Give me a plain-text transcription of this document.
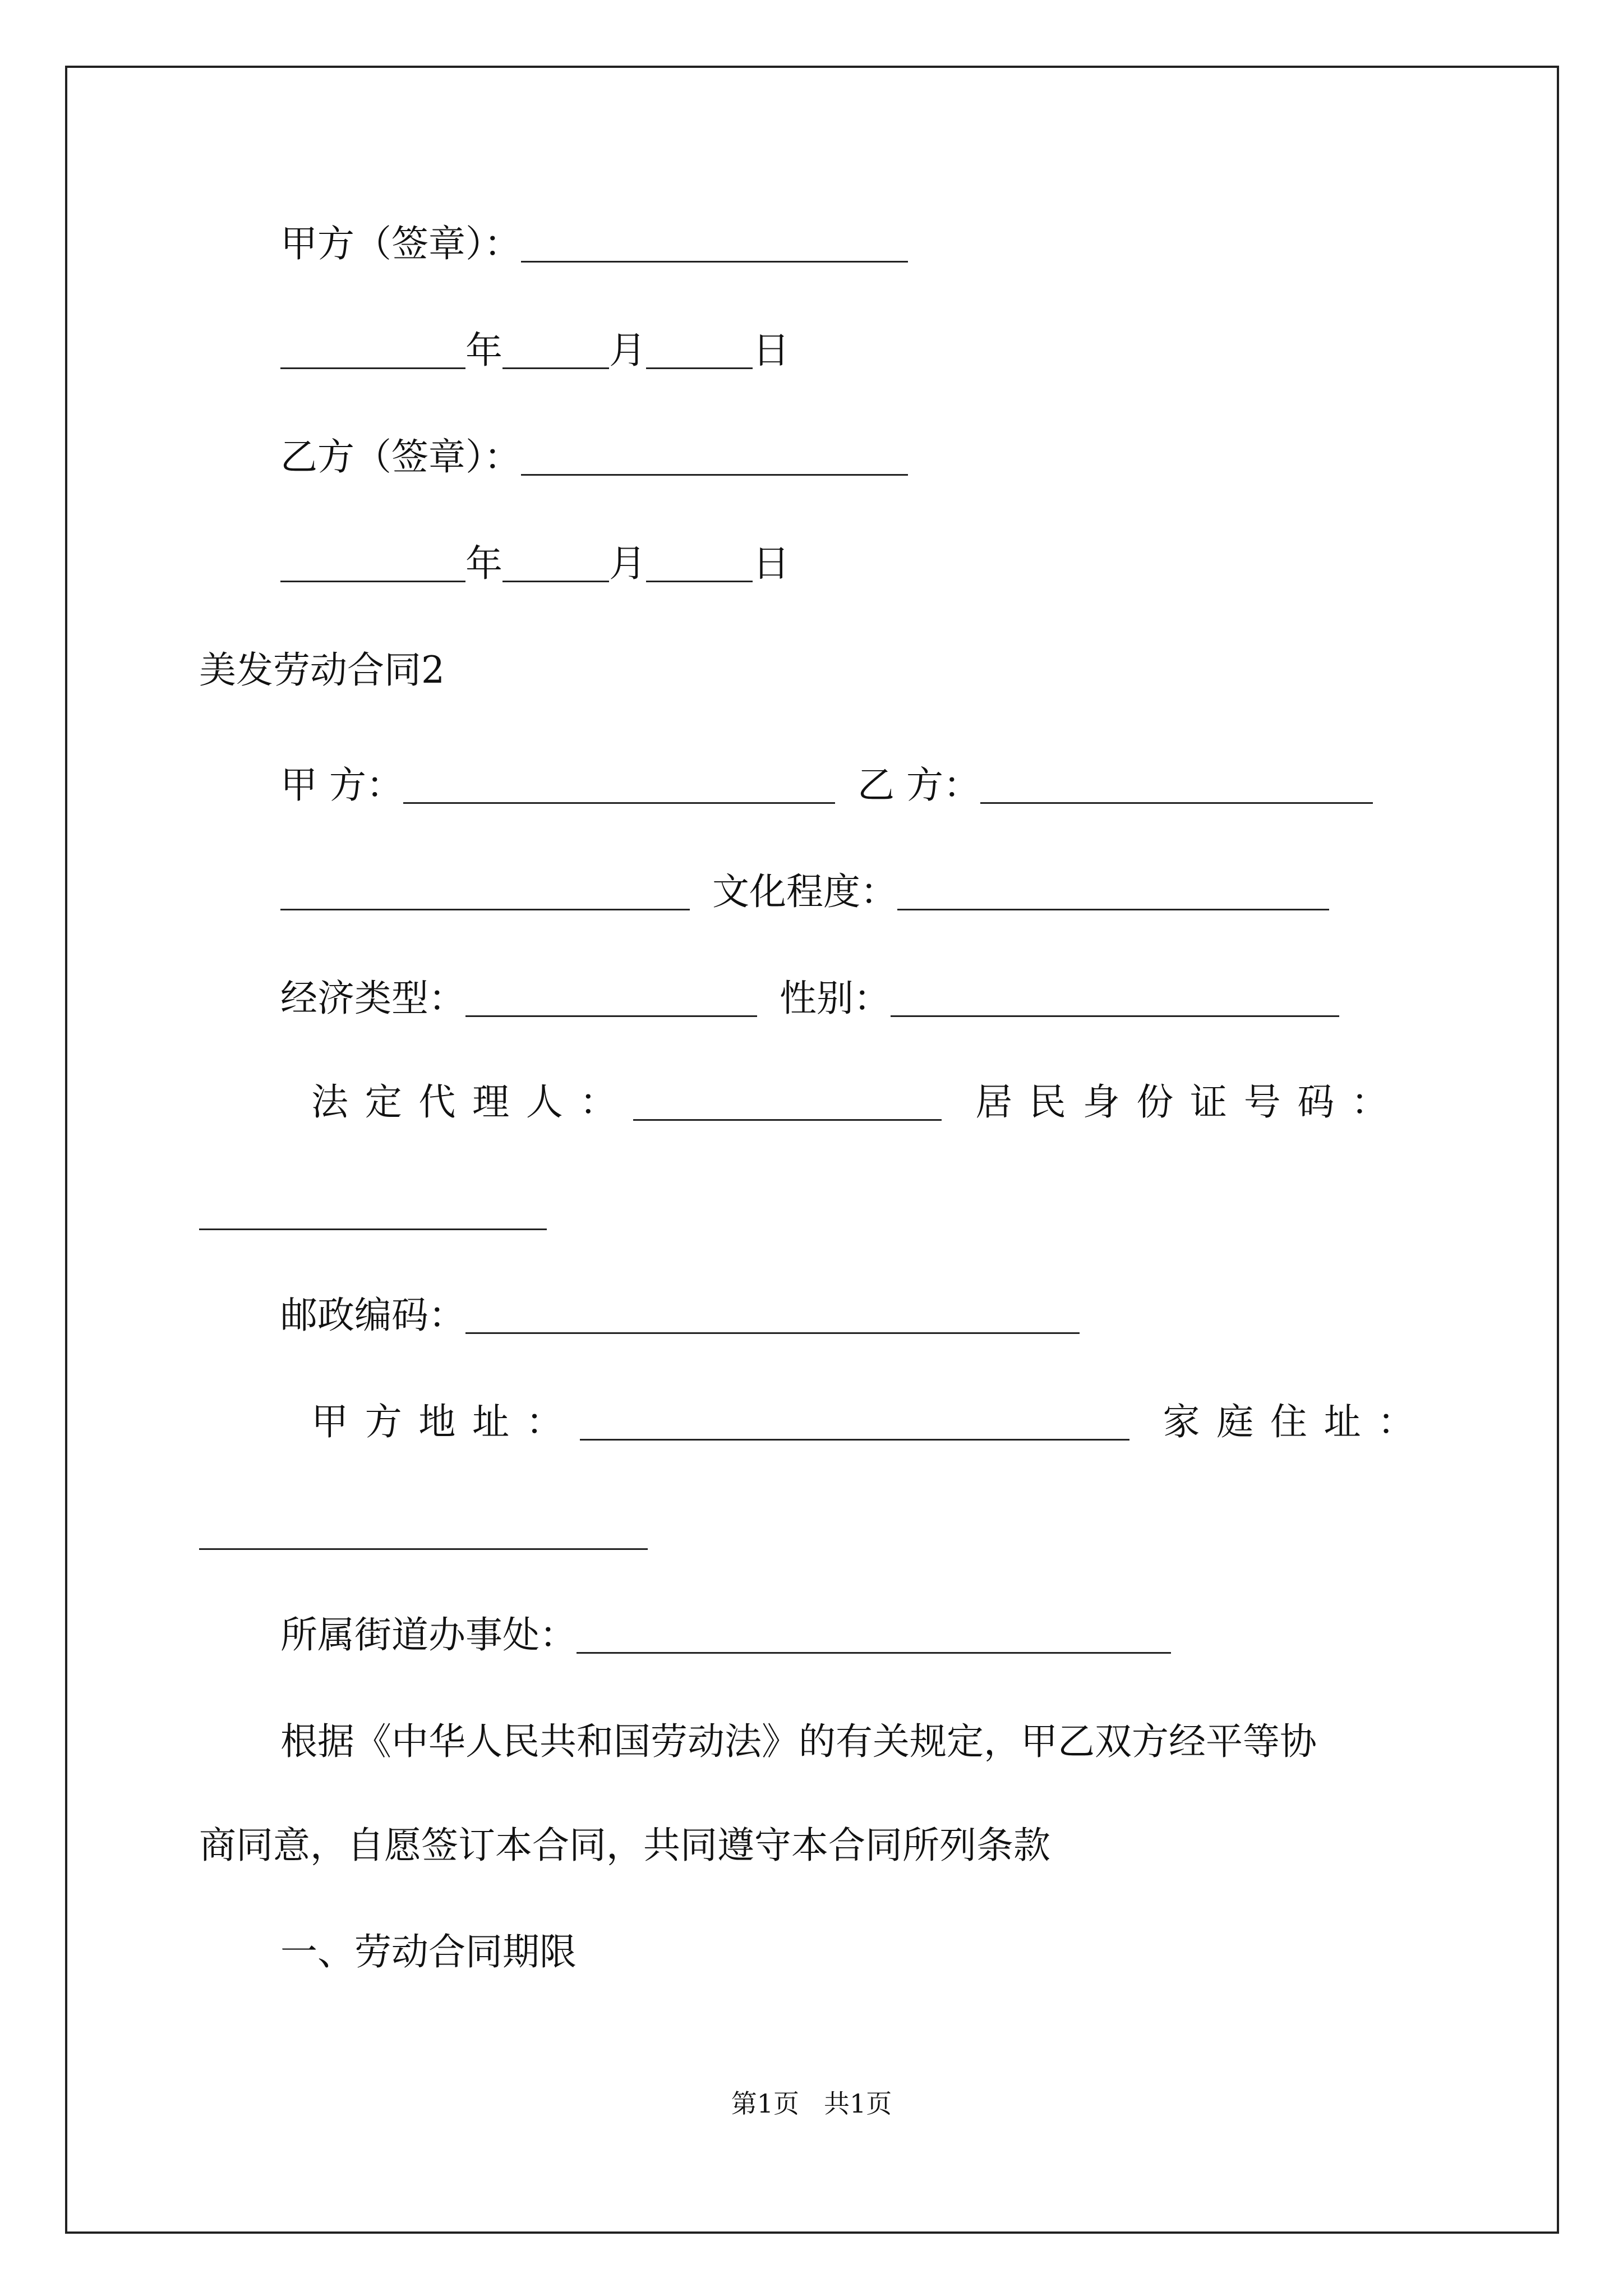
甲方（签章）：
年	月	日
乙方（签章）：
年	月	日
美发劳动合同2
甲 方：	乙 方：
文化程度：
经济类型：	性别：
法定代理人：	居民身份证号码：
邮政编码：
甲方地址：	家庭住址：
所属街道办事处：
根据《中华人民共和国劳动法》的有关规定，甲乙双方经平等协
商同意，自愿签订本合同，共同遵守本合同所列条款
一、劳动合同期限
第1页 共1页
